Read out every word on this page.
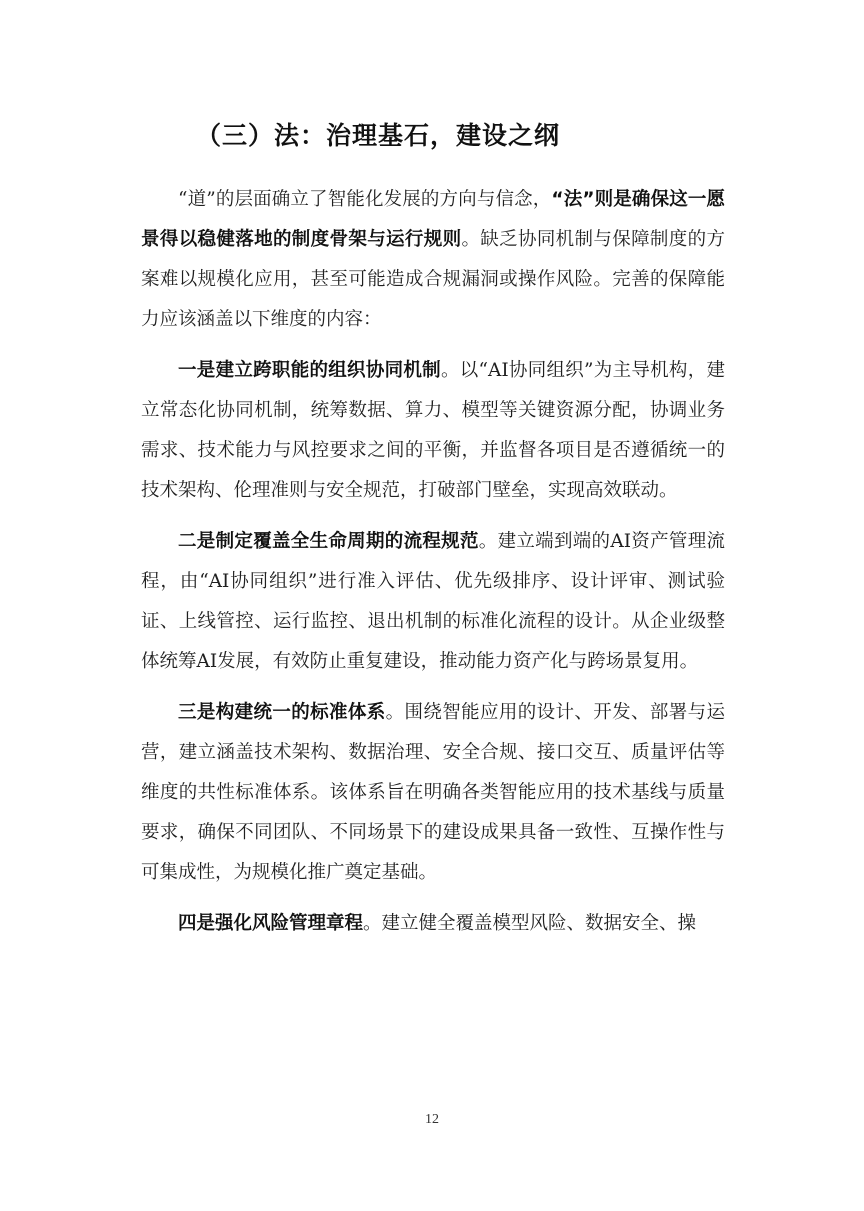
（三）法：治理基石，建设之纲

“道”的层面确立了智能化发展的方向与信念，“法”则是确保这一愿景得以稳健落地的制度骨架与运行规则。缺乏协同机制与保障制度的方案难以规模化应用，甚至可能造成合规漏洞或操作风险。完善的保障能力应该涵盖以下维度的内容：

一是建立跨职能的组织协同机制。以“AI协同组织”为主导机构，建立常态化协同机制，统筹数据、算力、模型等关键资源分配，协调业务需求、技术能力与风控要求之间的平衡，并监督各项目是否遵循统一的技术架构、伦理准则与安全规范，打破部门壁垒，实现高效联动。

二是制定覆盖全生命周期的流程规范。建立端到端的AI资产管理流程，由“AI协同组织”进行准入评估、优先级排序、设计评审、测试验证、上线管控、运行监控、退出机制的标准化流程的设计。从企业级整体统筹AI发展，有效防止重复建设，推动能力资产化与跨场景复用。

三是构建统一的标准体系。围绕智能应用的设计、开发、部署与运营，建立涵盖技术架构、数据治理、安全合规、接口交互、质量评估等维度的共性标准体系。该体系旨在明确各类智能应用的技术基线与质量要求，确保不同团队、不同场景下的建设成果具备一致性、互操作性与可集成性，为规模化推广奠定基础。

四是强化风险管理章程。建立健全覆盖模型风险、数据安全、操

12
